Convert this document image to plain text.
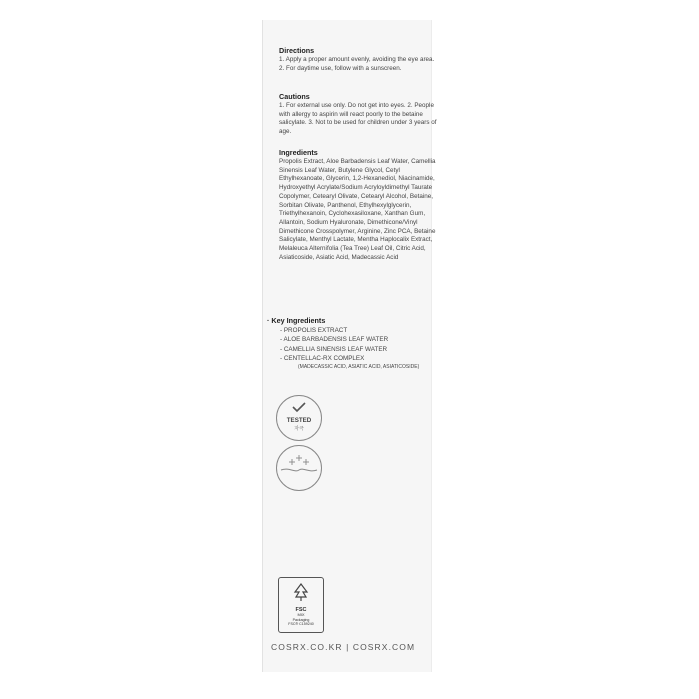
Directions

1. Apply a proper amount evenly, avoiding the eye area. 2. For daytime use, follow with a sunscreen.

Cautions

1. For external use only. Do not get into eyes. 2. People with allergy to aspirin will react poorly to the betaine salicylate. 3. Not to be used for children under 3 years of age.

Ingredients

Propolis Extract, Aloe Barbadensis Leaf Water, Camellia Sinensis Leaf Water, Butylene Glycol, Cetyl Ethylhexanoate, Glycerin, 1,2-Hexanediol, Niacinamide, Hydroxyethyl Acrylate/Sodium Acryloyldimethyl Taurate Copolymer, Cetearyl Olivate, Cetearyl Alcohol, Betaine, Sorbitan Olivate, Panthenol, Ethylhexylglycerin, Triethylhexanoin, Cyclohexasiloxane, Xanthan Gum, Allantoin, Sodium Hyaluronate, Dimethicone/Vinyl Dimethicone Crosspolymer, Arginine, Zinc PCA, Betaine Salicylate, Menthyl Lactate, Mentha Haplocalix Extract, Melaleuca Alternifolia (Tea Tree) Leaf Oil, Citric Acid, Asiaticoside, Asiatic Acid, Madecassic Acid

· Key Ingredients
- PROPOLIS EXTRACT
- ALOE BARBADENSIS LEAF WATER
- CAMELLIA SINENSIS LEAF WATER
- CENTELLAC-RX COMPLEX
(MADECASSIC ACID, ASIATIC ACID, ASIATICOSIDE)
TESTED
자극
FSC
MIX
Packaging
FSC® C159240
COSRX.CO.KR | COSRX.COM
